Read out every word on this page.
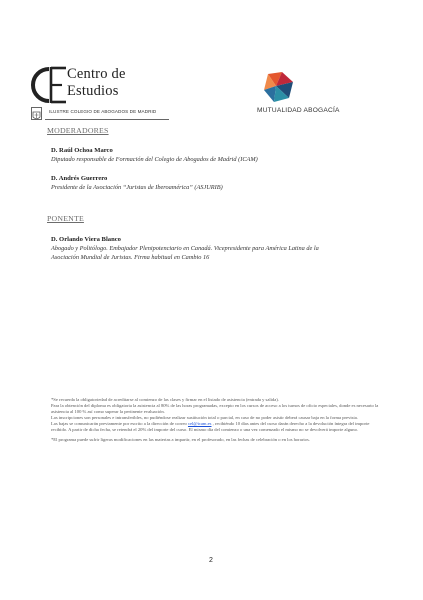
Centro de
Estudios
ILUSTRE COLEGIO DE ABOGADOS DE MADRID	MUTUALIDAD ABOGACÍA
MODERADORES
D. Raúl Ochoa Marco
Diputado responsable de Formación del Colegio de Abogados de Madrid (ICAM)
D. Andrés Guerrero
Presidente de la Asociación “Juristas de Iberoamérica” (ASJURIB)
PONENTE
D. Orlando Viera Blanco
Abogado y Politólogo. Embajador Plenipotenciario en Canadá. Vicepresidente para América Latina de la
Asociación Mundial de Juristas. Firma habitual en Cambio 16

*Se recuerda la obligatoriedad de acreditarse al comienzo de las clases y firmar en el listado de asistencia (entrada y salida).

Para la obtención del diploma es obligatoria la asistencia al 80% de las horas programadas, excepto en los cursos de acceso a los turnos de oficio especiales, donde es necesario la asistencia al 100 % así como superar la pertinente evaluación.

Las inscripciones son personales e intransferibles, no pudiéndose realizar sustitución total o parcial, en caso de no poder asistir deberá causar baja en la forma prevista.

Las bajas se comunicarán previamente por escrito a la dirección de correo cel@icam.es , recibiéndo 10 días antes del curso darán derecho a la devolución íntegra del importe recibido. A partir de dicha fecha, se retendrá el 20% del importe del curso. El mismo día del comienzo o una vez comenzado el mismo no se devolverá importe alguno.

*El programa puede sufrir ligeras modificaciones en las materias a impartir, en el profesorado, en las fechas de celebración o en los horarios.

2
